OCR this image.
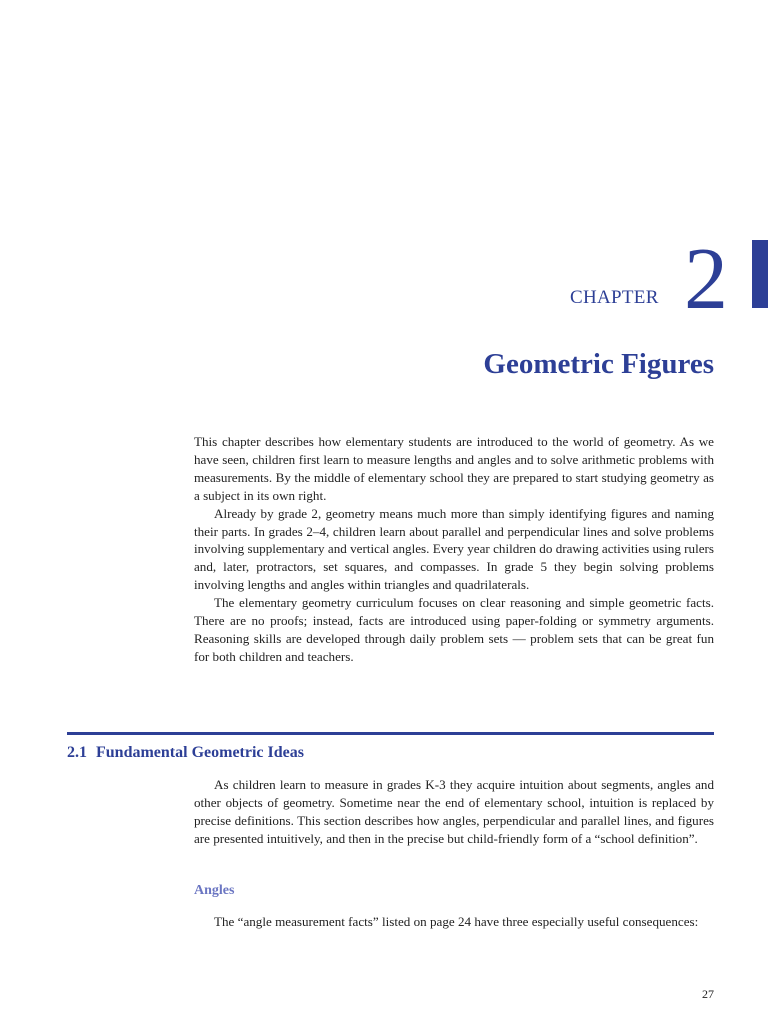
CHAPTER 2
Geometric Figures

This chapter describes how elementary students are introduced to the world of geometry. As we have seen, children first learn to measure lengths and angles and to solve arithmetic problems with measurements. By the middle of elementary school they are prepared to start studying geometry as a subject in its own right.

Already by grade 2, geometry means much more than simply identifying figures and naming their parts. In grades 2–4, children learn about parallel and perpendicular lines and solve problems involving supplementary and vertical angles. Every year children do drawing activities using rulers and, later, protractors, set squares, and compasses. In grade 5 they begin solving problems involving lengths and angles within triangles and quadrilaterals.

The elementary geometry curriculum focuses on clear reasoning and simple geometric facts. There are no proofs; instead, facts are introduced using paper-folding or symmetry arguments. Reasoning skills are developed through daily problem sets — problem sets that can be great fun for both children and teachers.

2.1 Fundamental Geometric Ideas

As children learn to measure in grades K-3 they acquire intuition about segments, angles and other objects of geometry. Sometime near the end of elementary school, intuition is replaced by precise definitions. This section describes how angles, perpendicular and parallel lines, and figures are presented intuitively, and then in the precise but child-friendly form of a “school definition”.

Angles

The “angle measurement facts” listed on page 24 have three especially useful consequences:

27
